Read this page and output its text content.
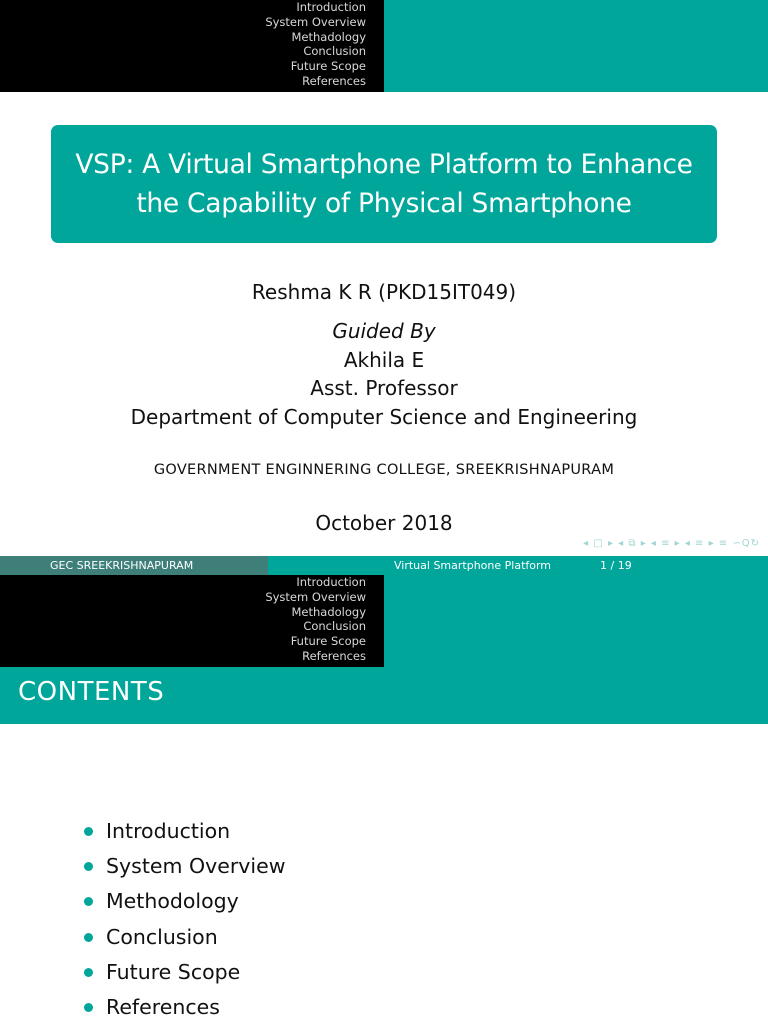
Introduction
System Overview
Methadology
Conclusion
Future Scope
References
VSP: A Virtual Smartphone Platform to Enhance the Capability of Physical Smartphone
Reshma K R (PKD15IT049)
Guided By
Akhila E
Asst. Professor
Department of Computer Science and Engineering
GOVERNMENT ENGINNERING COLLEGE, SREEKRISHNAPURAM
October 2018
◂ □ ▸ ◂ ⧉ ▸ ◂ ≡ ▸ ◂ ≡ ▸ ≡ ∽Q↻
GEC SREEKRISHNAPURAM	Virtual Smartphone Platform	1 / 19
Introduction
System Overview
Methadology
Conclusion
Future Scope
References
CONTENTS
Introduction
System Overview
Methodology
Conclusion
Future Scope
References
